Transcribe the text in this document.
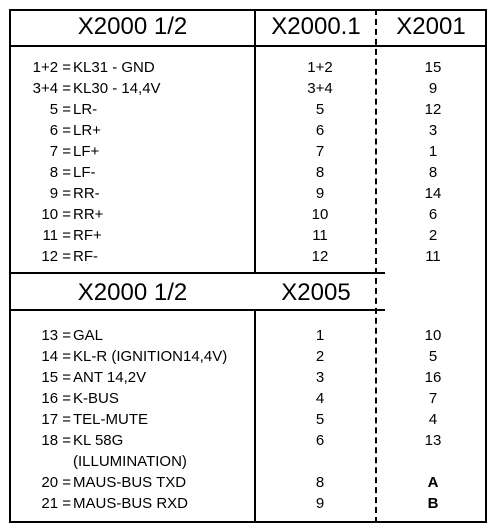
X2000 1/2	X2000.1	X2001
X2000 1/2	X2005
1+2 = KL31 - GND	1+2	15
3+4 = KL30 - 14,4V	3+4	9
5 = LR-	5	12
6 = LR+	6	3
7 = LF+	7	1
8 = LF-	8	8
9 = RR-	9	14
10 = RR+	10	6
11 = RF+	11	2
12 = RF-	12	11
13 = GAL	1	10
14 = KL-R (IGNITION14,4V)	2	5
15 = ANT 14,2V	3	16
16 = K-BUS	4	7
17 = TEL-MUTE	5	4
18 = KL 58G	6	13
(ILLUMINATION)
20 = MAUS-BUS TXD	8	A
21 = MAUS-BUS RXD	9	B
